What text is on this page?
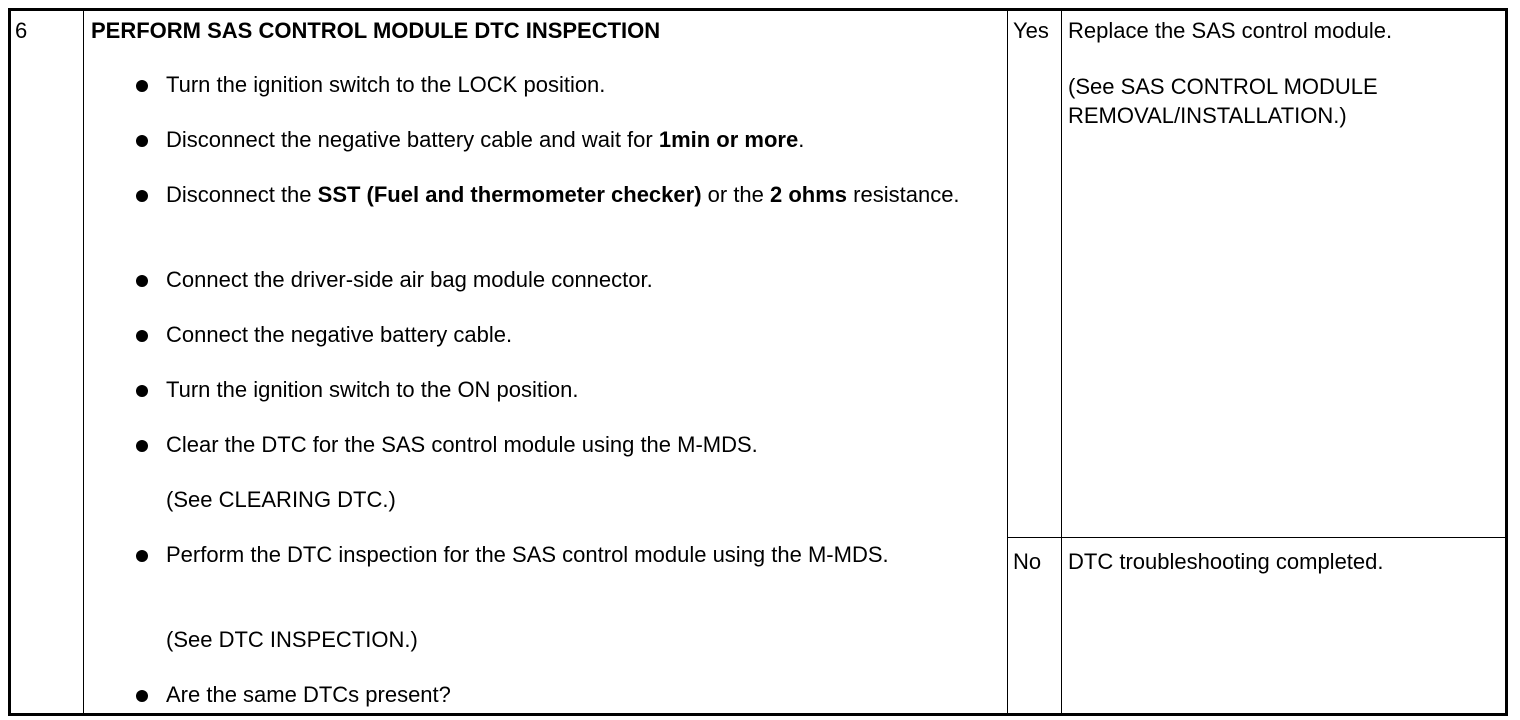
6	PERFORM SAS CONTROL MODULE DTC INSPECTION
Turn the ignition switch to the LOCK position.
Disconnect the negative battery cable and wait for 1min or more.
Disconnect the SST (Fuel and thermometer checker) or the 2 ohms resistance.
Connect the driver-side air bag module connector.
Connect the negative battery cable.
Turn the ignition switch to the ON position.
Clear the DTC for the SAS control module using the M-MDS.
(See CLEARING DTC.)
Perform the DTC inspection for the SAS control module using the M-MDS.
(See DTC INSPECTION.)
Are the same DTCs present?
Yes Replace the SAS control module.
(See SAS CONTROL MODULE REMOVAL/INSTALLATION.)
No DTC troubleshooting completed.
